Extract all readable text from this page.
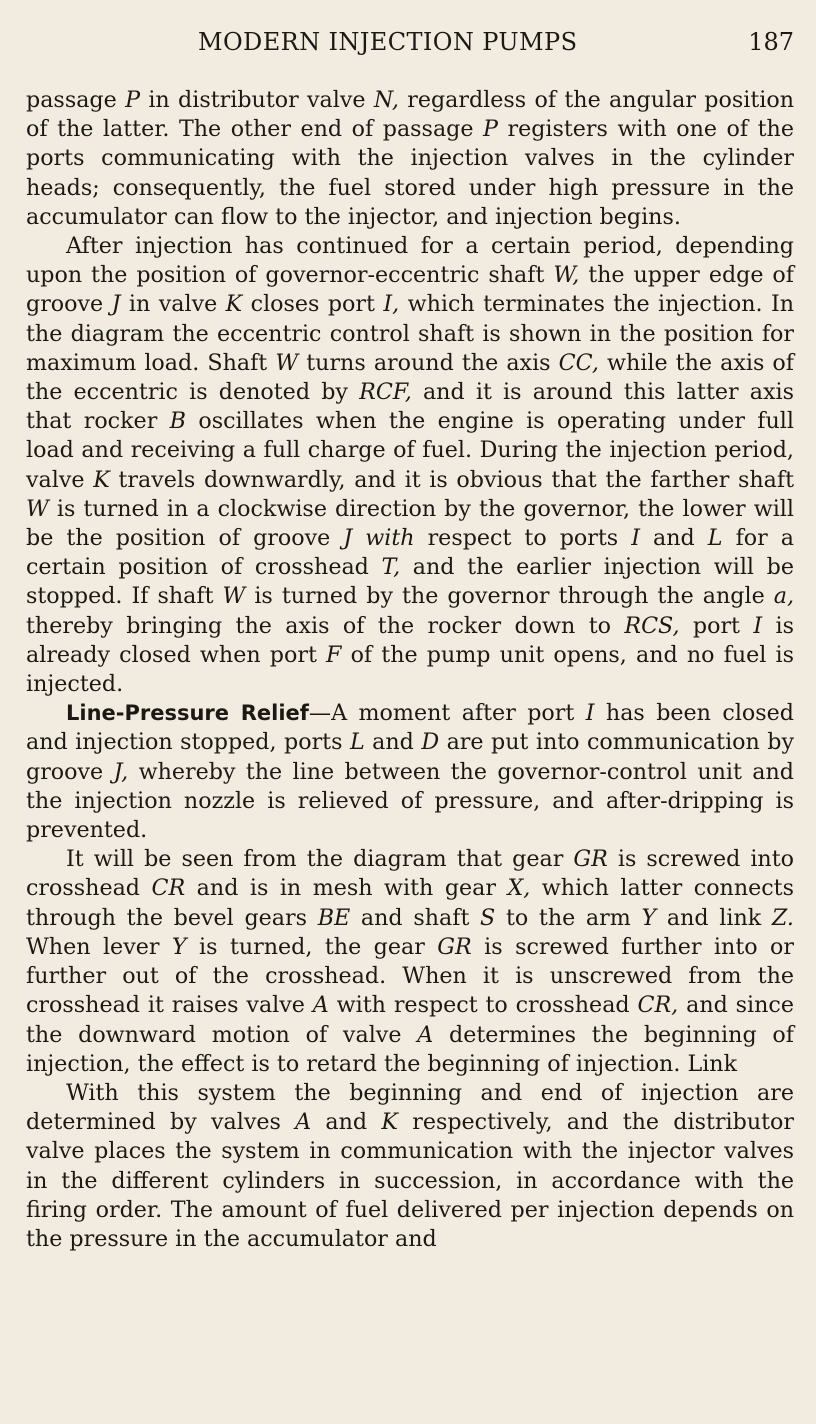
MODERN INJECTION PUMPS	187

passage P in distributor valve N, regardless of the angular position of the latter. The other end of passage P registers with one of the ports communicating with the injection valves in the cylinder heads; consequently, the fuel stored under high pressure in the accumulator can flow to the injector, and injection begins.

After injection has continued for a certain period, depending upon the position of governor-eccentric shaft W, the upper edge of groove J in valve K closes port I, which terminates the injection. In the diagram the eccentric control shaft is shown in the position for maximum load. Shaft W turns around the axis CC, while the axis of the eccentric is denoted by RCF, and it is around this latter axis that rocker B oscillates when the engine is operating under full load and receiving a full charge of fuel. During the injection period, valve K travels downwardly, and it is obvious that the farther shaft W is turned in a clockwise direction by the governor, the lower will be the position of groove J with respect to ports I and L for a certain position of crosshead T, and the earlier injection will be stopped. If shaft W is turned by the governor through the angle a, thereby bringing the axis of the rocker down to RCS, port I is already closed when port F of the pump unit opens, and no fuel is injected.

Line-Pressure Relief—A moment after port I has been closed and injection stopped, ports L and D are put into communication by groove J, whereby the line between the governor-control unit and the injection nozzle is relieved of pressure, and after-dripping is prevented.

It will be seen from the diagram that gear GR is screwed into crosshead CR and is in mesh with gear X, which latter connects through the bevel gears BE and shaft S to the arm Y and link Z. When lever Y is turned, the gear GR is screwed further into or further out of the crosshead. When it is unscrewed from the crosshead it raises valve A with respect to crosshead CR, and since the downward motion of valve A determines the beginning of injection, the effect is to retard the beginning of injection. Link

With this system the beginning and end of injection are determined by valves A and K respectively, and the distributor valve places the system in communication with the injector valves in the different cylinders in succession, in accordance with the firing order. The amount of fuel delivered per injection depends on the pressure in the accumulator and
